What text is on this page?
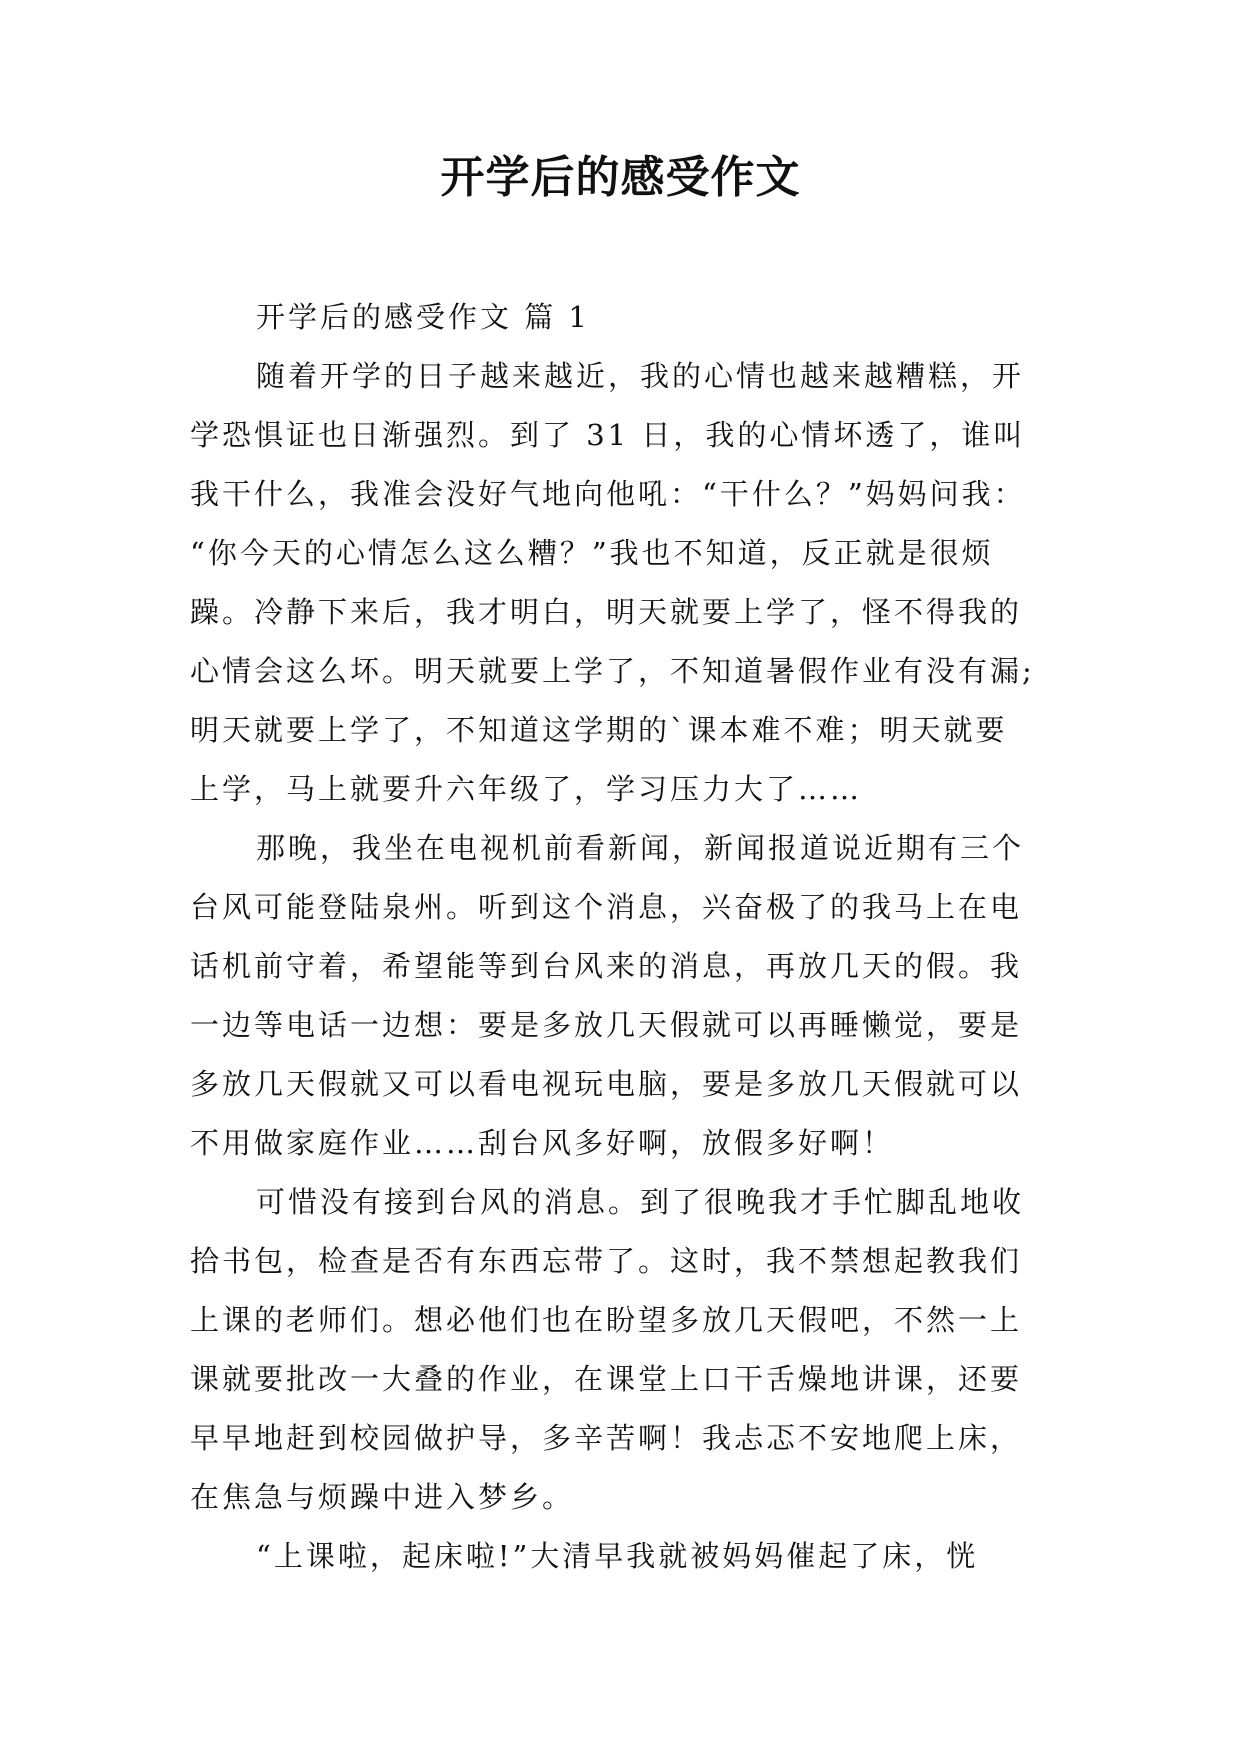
开学后的感受作文
开学后的感受作文 篇 1
随着开学的日子越来越近，我的心情也越来越糟糕，开
学恐惧证也日渐强烈。到了 31 日，我的心情坏透了，谁叫
我干什么，我准会没好气地向他吼：“干什么？”妈妈问我：
“你今天的心情怎么这么糟？”我也不知道，反正就是很烦
躁。冷静下来后，我才明白，明天就要上学了，怪不得我的
心情会这么坏。明天就要上学了，不知道暑假作业有没有漏;
明天就要上学了，不知道这学期的`课本难不难；明天就要
上学，马上就要升六年级了，学习压力大了……
那晚，我坐在电视机前看新闻，新闻报道说近期有三个
台风可能登陆泉州。听到这个消息，兴奋极了的我马上在电
话机前守着，希望能等到台风来的消息，再放几天的假。我
一边等电话一边想：要是多放几天假就可以再睡懒觉，要是
多放几天假就又可以看电视玩电脑，要是多放几天假就可以
不用做家庭作业……刮台风多好啊，放假多好啊！
可惜没有接到台风的消息。到了很晚我才手忙脚乱地收
拾书包，检查是否有东西忘带了。这时，我不禁想起教我们
上课的老师们。想必他们也在盼望多放几天假吧，不然一上
课就要批改一大叠的作业，在课堂上口干舌燥地讲课，还要
早早地赶到校园做护导，多辛苦啊！我忐忑不安地爬上床，
在焦急与烦躁中进入梦乡。
“上课啦，起床啦!”大清早我就被妈妈催起了床，恍
